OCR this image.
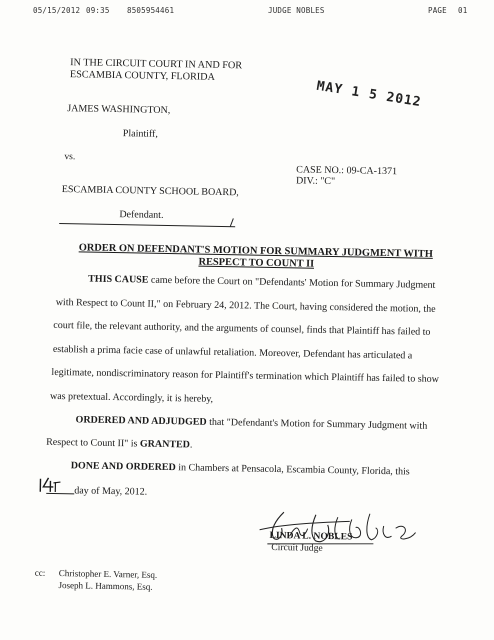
05/15/2012 09:35 8505954461	JUDGE NOBLES	PAGE 01
IN THE CIRCUIT COURT IN AND FOR
ESCAMBIA COUNTY, FLORIDA
MAY 1 5 2012
JAMES WASHINGTON,
Plaintiff,
vs.
CASE NO.: 09-CA-1371
DIV.: "C"
ESCAMBIA COUNTY SCHOOL BOARD,
Defendant.
ORDER ON DEFENDANT'S MOTION FOR SUMMARY JUDGMENT WITH
RESPECT TO COUNT II
THIS CAUSE came before the Court on "Defendants' Motion for Summary Judgment
with Respect to Count II," on February 24, 2012. The Court, having considered the motion, the
court file, the relevant authority, and the arguments of counsel, finds that Plaintiff has failed to
establish a prima facie case of unlawful retaliation. Moreover, Defendant has articulated a
legitimate, nondiscriminatory reason for Plaintiff's termination which Plaintiff has failed to show
was pretextual. Accordingly, it is hereby,
ORDERED AND ADJUDGED that "Defendant's Motion for Summary Judgment with
Respect to Count II" is GRANTED.
DONE AND ORDERED in Chambers at Pensacola, Escambia County, Florida, this
day of May, 2012.
LINDA L. NOBLES
Circuit Judge
cc: Christopher E. Varner, Esq.
Joseph L. Hammons, Esq.
